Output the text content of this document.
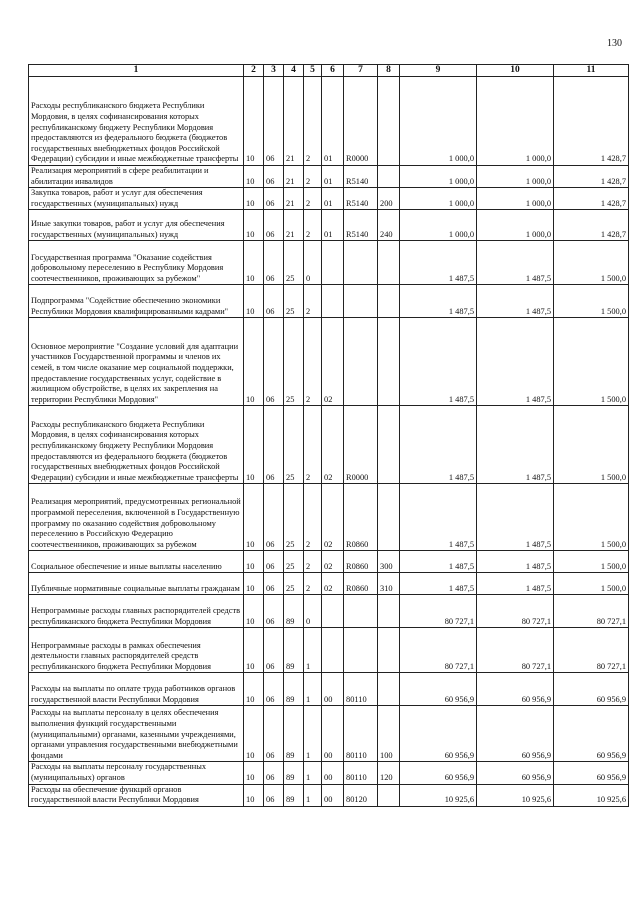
130
1	2	3	4	5	6	7	8	9	10	11
Расходы республиканского бюджета Республики Мордовия, в целях софинансирования которых республиканскому бюджету Республики Мордовия предоставляются из федерального бюджета (бюджетов государственных внебюджетных фондов Российской Федерации) субсидии и иные межбюджетные трансферты	10	06	21	2	01	R0000		1 000,0	1 000,0	1 428,7
Реализация мероприятий в сфере реабилитации и абилитации инвалидов	10	06	21	2	01	R5140		1 000,0	1 000,0	1 428,7
Закупка товаров, работ и услуг для обеспечения государственных (муниципальных) нужд	10	06	21	2	01	R5140	200	1 000,0	1 000,0	1 428,7
Иные закупки товаров, работ и услуг для обеспечения государственных (муниципальных) нужд	10	06	21	2	01	R5140	240	1 000,0	1 000,0	1 428,7
Государственная программа "Оказание содействия добровольному переселению в Республику Мордовия соотечественников, проживающих за рубежом"	10	06	25	0				1 487,5	1 487,5	1 500,0
Подпрограмма "Содействие обеспечению экономики Республики Мордовия квалифицированными кадрами"	10	06	25	2				1 487,5	1 487,5	1 500,0
Основное мероприятие "Создание условий для адаптации участников Государственной программы и членов их семей, в том числе оказание мер социальной поддержки, предоставление государственных услуг, содействие в жилищном обустройстве, в целях их закрепления на территории Республики Мордовия"	10	06	25	2	02			1 487,5	1 487,5	1 500,0
Расходы республиканского бюджета Республики Мордовия, в целях софинансирования которых республиканскому бюджету Республики Мордовия предоставляются из федерального бюджета (бюджетов государственных внебюджетных фондов Российской Федерации) субсидии и иные межбюджетные трансферты	10	06	25	2	02	R0000		1 487,5	1 487,5	1 500,0
Реализация мероприятий, предусмотренных региональной программой переселения, включенной в Государственную программу по оказанию содействия добровольному переселению в Российскую Федерацию соотечественников, проживающих за рубежом	10	06	25	2	02	R0860		1 487,5	1 487,5	1 500,0
Социальное обеспечение и иные выплаты населению	10	06	25	2	02	R0860	300	1 487,5	1 487,5	1 500,0
Публичные нормативные социальные выплаты гражданам	10	06	25	2	02	R0860	310	1 487,5	1 487,5	1 500,0
Непрограммные расходы главных распорядителей средств республиканского бюджета Республики Мордовия	10	06	89	0				80 727,1	80 727,1	80 727,1
Непрограммные расходы в рамках обеспечения деятельности главных распорядителей средств республиканского бюджета Республики Мордовия	10	06	89	1				80 727,1	80 727,1	80 727,1
Расходы на выплаты по оплате труда работников органов государственной власти Республики Мордовия	10	06	89	1	00	80110		60 956,9	60 956,9	60 956,9
Расходы на выплаты персоналу в целях обеспечения выполнения функций государственными (муниципальными) органами, казенными учреждениями, органами управления государственными внебюджетными фондами	10	06	89	1	00	80110	100	60 956,9	60 956,9	60 956,9
Расходы на выплаты персоналу государственных (муниципальных) органов	10	06	89	1	00	80110	120	60 956,9	60 956,9	60 956,9
Расходы на обеспечение функций органов государственной власти Республики Мордовия	10	06	89	1	00	80120		10 925,6	10 925,6	10 925,6
